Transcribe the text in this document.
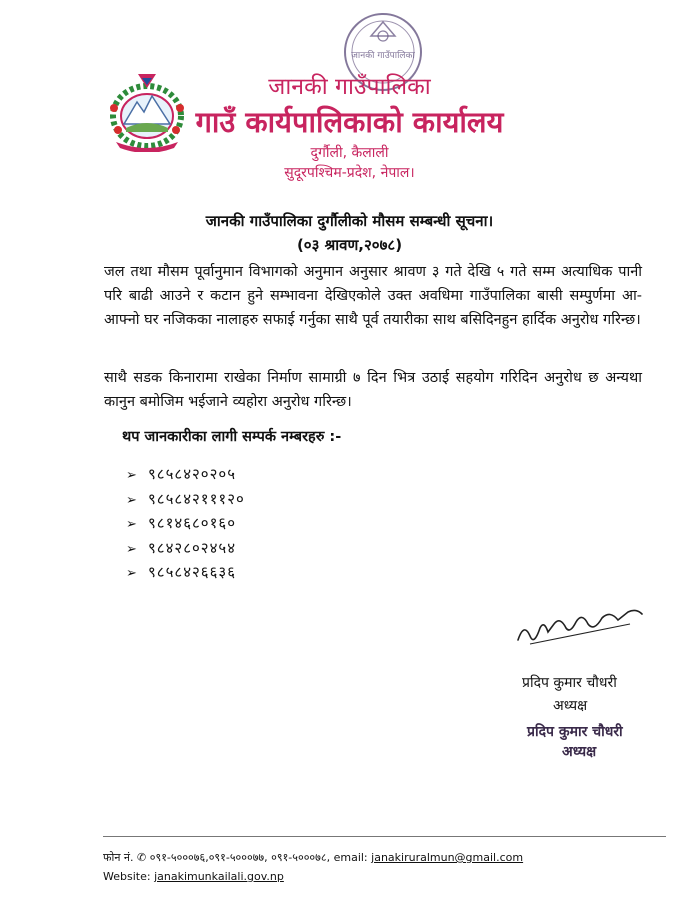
जानकी गाउँपालिका
जानकी गाउँपालिका
गाउँ कार्यपालिकाको कार्यालय
दुर्गौली, कैलाली
सुदूरपश्चिम-प्रदेश, नेपाल।
जानकी गाउँपालिका दुर्गौलीको मौसम सम्बन्धी सूचना।
(०३ श्रावण,२०७८)
जल तथा मौसम पूर्वानुमान विभागको अनुमान अनुसार श्रावण ३ गते देखि ५ गते सम्म अत्याधिक पानी परि बाढी आउने र कटान हुने सम्भावना देखिएकोले उक्त अवधिमा गाउँपालिका बासी सम्पुर्णमा आ- आफ्नो घर नजिकका नालाहरु सफाई गर्नुका साथै पूर्व तयारीका साथ बसिदिनहुन हार्दिक अनुरोध गरिन्छ।
साथै सडक किनारामा राखेका निर्माण सामाग्री ७ दिन भित्र उठाई सहयोग गरिदिन अनुरोध छ अन्यथा कानुन बमोजिम भईजाने व्यहोरा अनुरोध गरिन्छ।
थप जानकारीका लागी सम्पर्क नम्बरहरु :-
➢ ९८५८४२०२०५
➢ ९८५८४२१११२०
➢ ९८१४६८०१६०
➢ ९८४२८०२४५४
➢ ९८५८४२६६३६
प्रदिप कुमार चौधरी
अध्यक्ष
प्रदिप कुमार चौधरी
अध्यक्ष
फोन नं. ✆ ०९१-५०००७६,०९१-५०००७७, ०९१-५०००७८, email: janakiruralmun@gmail.com
Website: janakimunkailali.gov.np
